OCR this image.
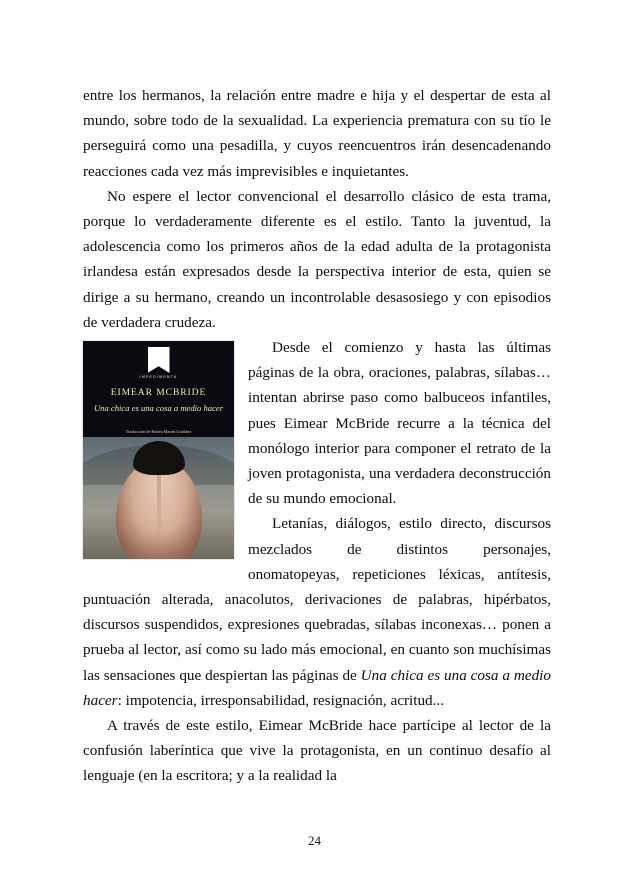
entre los hermanos, la relación entre madre e hija y el despertar de esta al mundo, sobre todo de la sexualidad. La experiencia prematura con su tío le perseguirá como una pesadilla, y cuyos reencuentros irán desencadenando reacciones cada vez más imprevisibles e inquietantes.

No espere el lector convencional el desarrollo clásico de esta trama, porque lo verdaderamente diferente es el estilo. Tanto la juventud, la adolescencia como los primeros años de la edad adulta de la protagonista irlandesa están expresados desde la perspectiva interior de esta, quien se dirige a su hermano, creando un incontrolable desasosiego y con episodios de verdadera crudeza.

IMPEDIMENTA
EIMEAR MCBRIDE
Una chica es una cosa a medio hacer
Traducción de Rubén Martín Giráldez

Desde el comienzo y hasta las últimas páginas de la obra, oraciones, palabras, sílabas… intentan abrirse paso como balbuceos infantiles, pues Eimear McBride recurre a la técnica del monólogo interior para componer el retrato de la joven protagonista, una verdadera deconstrucción de su mundo emocional.

Letanías, diálogos, estilo directo, discursos mezclados de distintos personajes, onomatopeyas, repeticiones léxicas, antítesis, puntuación alterada, anacolutos, derivaciones de palabras, hipérbatos, discursos suspendidos, expresiones quebradas, sílabas inconexas… ponen a prueba al lector, así como su lado más emocional, en cuanto son muchísimas las sensaciones que despiertan las páginas de Una chica es una cosa a medio hacer: impotencia, irresponsabilidad, resignación, acritud...

A través de este estilo, Eimear McBride hace partícipe al lector de la confusión laberíntica que vive la protagonista, en un continuo desafío al lenguaje (en la escritora; y a la realidad la

24
